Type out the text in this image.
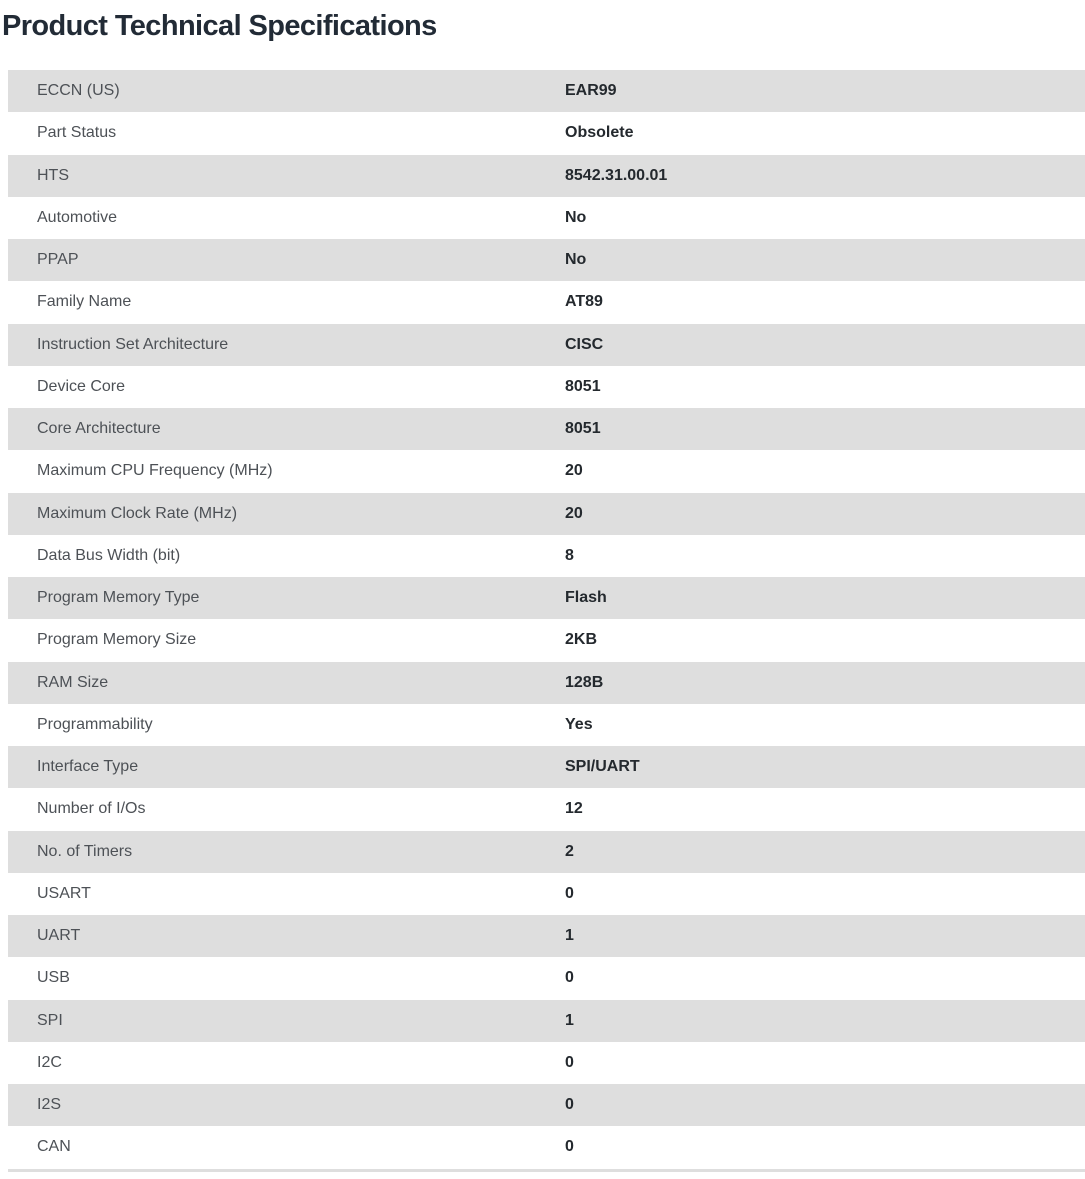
Product Technical Specifications
ECCN (US)	EAR99
Part Status	Obsolete
HTS	8542.31.00.01
Automotive	No
PPAP	No
Family Name	AT89
Instruction Set Architecture	CISC
Device Core	8051
Core Architecture	8051
Maximum CPU Frequency (MHz)	20
Maximum Clock Rate (MHz)	20
Data Bus Width (bit)	8
Program Memory Type	Flash
Program Memory Size	2KB
RAM Size	128B
Programmability	Yes
Interface Type	SPI/UART
Number of I/Os	12
No. of Timers	2
USART	0
UART	1
USB	0
SPI	1
I2C	0
I2S	0
CAN	0
